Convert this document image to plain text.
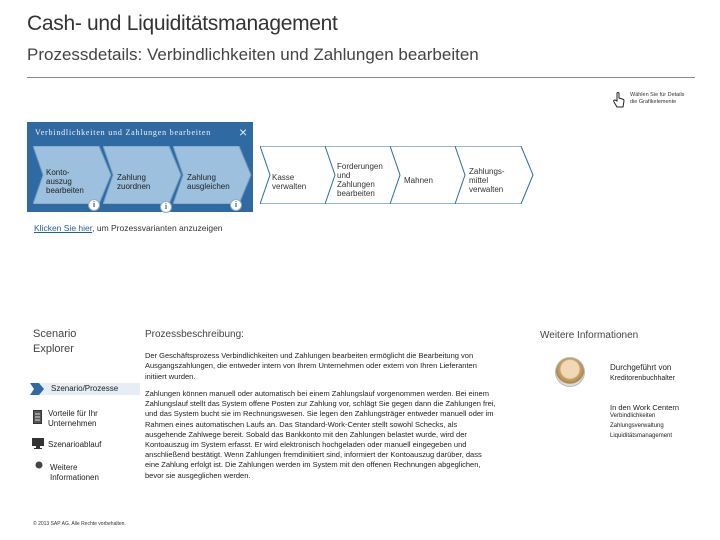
Cash- und Liquiditätsmanagement
Prozessdetails: Verbindlichkeiten und Zahlungen bearbeiten
Wählen Sie für Details
die Grafikelemente
Verbindlichkeiten und Zahlungen bearbeiten ×
Konto-
auszug
bearbeiten
Zahlung
zuordnen
Zahlung
ausgleichen
Kasse
verwalten
Forderungen
und
Zahlungen
bearbeiten
Mahnen
Zahlungs-
mittel
verwalten
i	i	i
Klicken Sie hier, um Prozessvarianten anzuzeigen
Scenario
Explorer
Szenario/Prozesse
Vorteile für Ihr
Unternehmen
Szenarioablauf
Weitere
Informationen
© 2013 SAP AG. Alle Rechte vorbehalten.
Prozessbeschreibung:
Der Geschäftsprozess Verbindlichkeiten und Zahlungen bearbeiten ermöglicht die Bearbeitung von Ausgangszahlungen, die entweder intern von Ihrem Unternehmen oder extern von Ihren Lieferanten initiiert wurden.
Zahlungen können manuell oder automatisch bei einem Zahlungslauf vorgenommen werden. Bei einem Zahlungslauf stellt das System offene Posten zur Zahlung vor, schlägt Sie gegen dann die Zahlungen frei, und das System bucht sie im Rechnungswesen. Sie legen den Zahlungsträger entweder manuell oder im Rahmen eines automatischen Laufs an. Das Standard-Work-Center stellt sowohl Schecks, als ausgehende Zahlwege bereit. Sobald das Bankkonto mit den Zahlungen belastet wurde, wird der Kontoauszug im System erfasst. Er wird elektronisch hochgeladen oder manuell eingegeben und anschließend bestätigt. Wenn Zahlungen fremdinitiiert sind, informiert der Kontoauszug darüber, dass eine Zahlung erfolgt ist. Die Zahlungen werden im System mit den offenen Rechnungen abgeglichen, bevor sie ausgeglichen werden.
Weitere Informationen
Durchgeführt von
Kreditorenbuchhalter
In den Work Centern
Verbindlichkeiten
Zahlungsverwaltung
Liquiditätsmanagement
